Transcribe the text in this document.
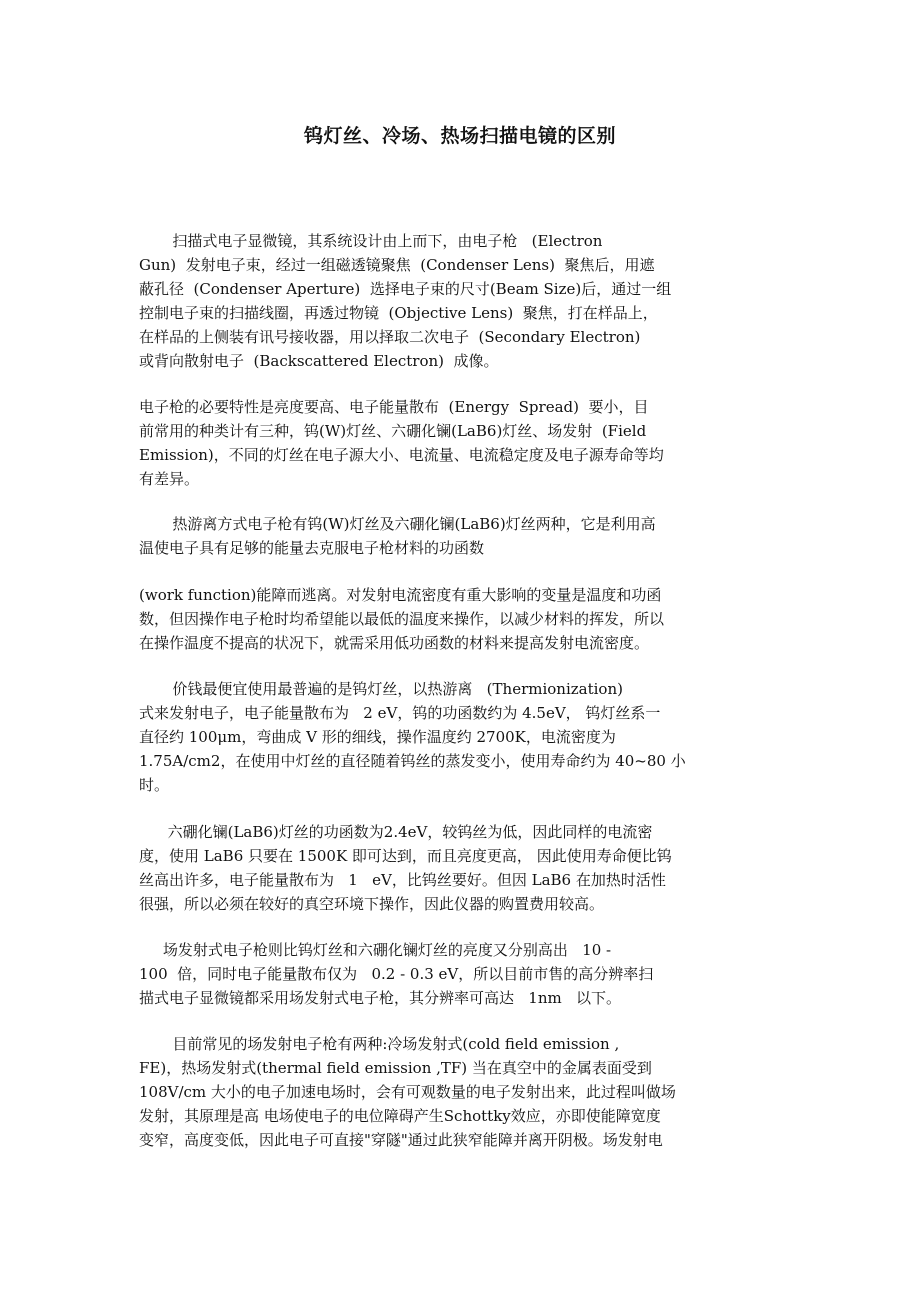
钨灯丝、冷场、热场扫描电镜的区别

扫描式电子显微镜，其系统设计由上而下，由电子枪   (Electron

Gun)  发射电子束，经过一组磁透镜聚焦  (Condenser Lens)  聚焦后，用遮

蔽孔径  (Condenser Aperture)  选择电子束的尺寸(Beam Size)后，通过一组

控制电子束的扫描线圈，再透过物镜  (Objective Lens)  聚焦，打在样品上，

在样品的上侧装有讯号接收器，用以择取二次电子  (Secondary Electron)

或背向散射电子  (Backscattered Electron)  成像。

电子枪的必要特性是亮度要高、电子能量散布  (Energy  Spread)  要小，目

前常用的种类计有三种，钨(W)灯丝、六硼化镧(LaB6)灯丝、场发射  (Field

Emission)，不同的灯丝在电子源大小、电流量、电流稳定度及电子源寿命等均

有差异。

热游离方式电子枪有钨(W)灯丝及六硼化镧(LaB6)灯丝两种，它是利用高

温使电子具有足够的能量去克服电子枪材料的功函数

(work function)能障而逃离。对发射电流密度有重大影响的变量是温度和功函

数，但因操作电子枪时均希望能以最低的温度来操作，以减少材料的挥发，所以

在操作温度不提高的状况下，就需采用低功函数的材料来提高发射电流密度。

价钱最便宜使用最普遍的是钨灯丝，以热游离   (Thermionization)

式来发射电子，电子能量散布为   2 eV，钨的功函数约为 4.5eV， 钨灯丝系一

直径约 100μm，弯曲成 V 形的细线，操作温度约 2700K，电流密度为

1.75A/cm2，在使用中灯丝的直径随着钨丝的蒸发变小，使用寿命约为 40~80 小

时。

六硼化镧(LaB6)灯丝的功函数为2.4eV，较钨丝为低，因此同样的电流密

度，使用 LaB6 只要在 1500K 即可达到，而且亮度更高， 因此使用寿命便比钨

丝高出许多，电子能量散布为   1   eV，比钨丝要好。但因 LaB6 在加热时活性

很强，所以必须在较好的真空环境下操作，因此仪器的购置费用较高。

场发射式电子枪则比钨灯丝和六硼化镧灯丝的亮度又分别高出   10 -

100  倍，同时电子能量散布仅为   0.2 - 0.3 eV，所以目前市售的高分辨率扫

描式电子显微镜都采用场发射式电子枪，其分辨率可高达   1nm   以下。

目前常见的场发射电子枪有两种:冷场发射式(cold field emission ,

FE)，热场发射式(thermal field emission ,TF) 当在真空中的金属表面受到

108V/cm 大小的电子加速电场时，会有可观数量的电子发射出来，此过程叫做场

发射，其原理是高 电场使电子的电位障碍产生Schottky效应，亦即使能障宽度

变窄，高度变低，因此电子可直接"穿隧"通过此狭窄能障并离开阴极。场发射电
